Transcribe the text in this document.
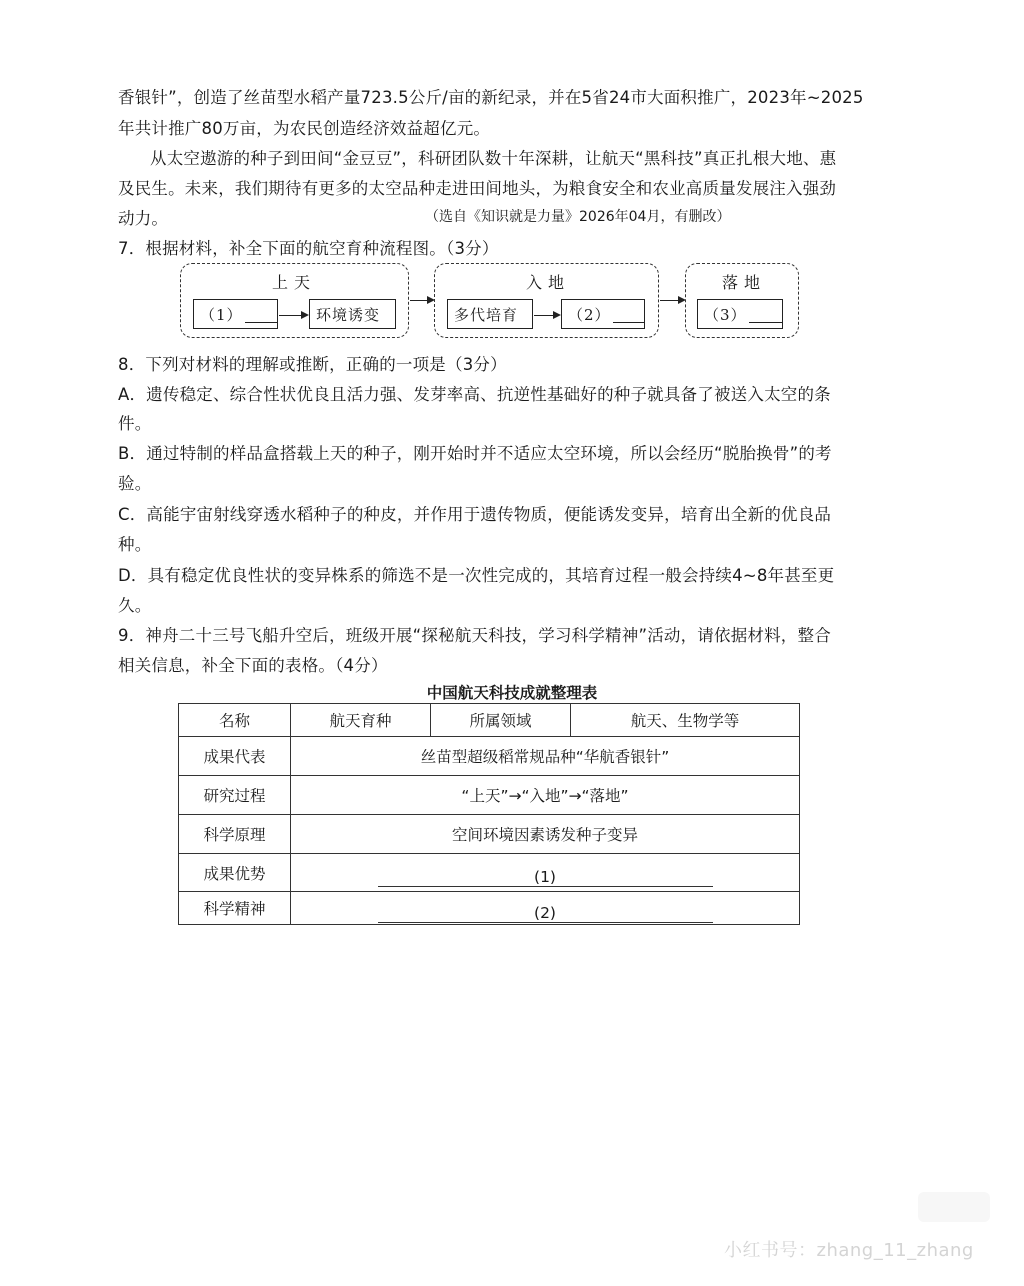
香银针”，创造了丝苗型水稻产量723.5公斤/亩的新纪录，并在5省24市大面积推广，2023年~2025
年共计推广80万亩，为农民创造经济效益超亿元。
从太空遨游的种子到田间“金豆豆”，科研团队数十年深耕，让航天“黑科技”真正扎根大地、惠
及民生。未来，我们期待有更多的太空品种走进田间地头，为粮食安全和农业高质量发展注入强劲
动力。	（选自《知识就是力量》2026年04月，有删改）
7．根据材料，补全下面的航空育种流程图。（3分）
上天
（1）	环境诱变
入地
多代培育	（2）
落地
（3）
8．下列对材料的理解或推断，正确的一项是（3分）
A．遗传稳定、综合性状优良且活力强、发芽率高、抗逆性基础好的种子就具备了被送入太空的条
件。
B．通过特制的样品盒搭载上天的种子，刚开始时并不适应太空环境，所以会经历“脱胎换骨”的考
验。
C．高能宇宙射线穿透水稻种子的种皮，并作用于遗传物质，便能诱发变异，培育出全新的优良品
种。
D．具有稳定优良性状的变异株系的筛选不是一次性完成的，其培育过程一般会持续4~8年甚至更
久。
9．神舟二十三号飞船升空后，班级开展“探秘航天科技，学习科学精神”活动，请依据材料，整合
相关信息，补全下面的表格。（4分）
中国航天科技成就整理表
名称	航天育种	所属领域	航天、生物学等
成果代表	丝苗型超级稻常规品种“华航香银针”		
研究过程	“上天”→“入地”→“落地”		
科学原理	空间环境因素诱发种子变异		
成果优势	(1)		
科学精神	(2)		
小红书号：zhang_11_zhang
